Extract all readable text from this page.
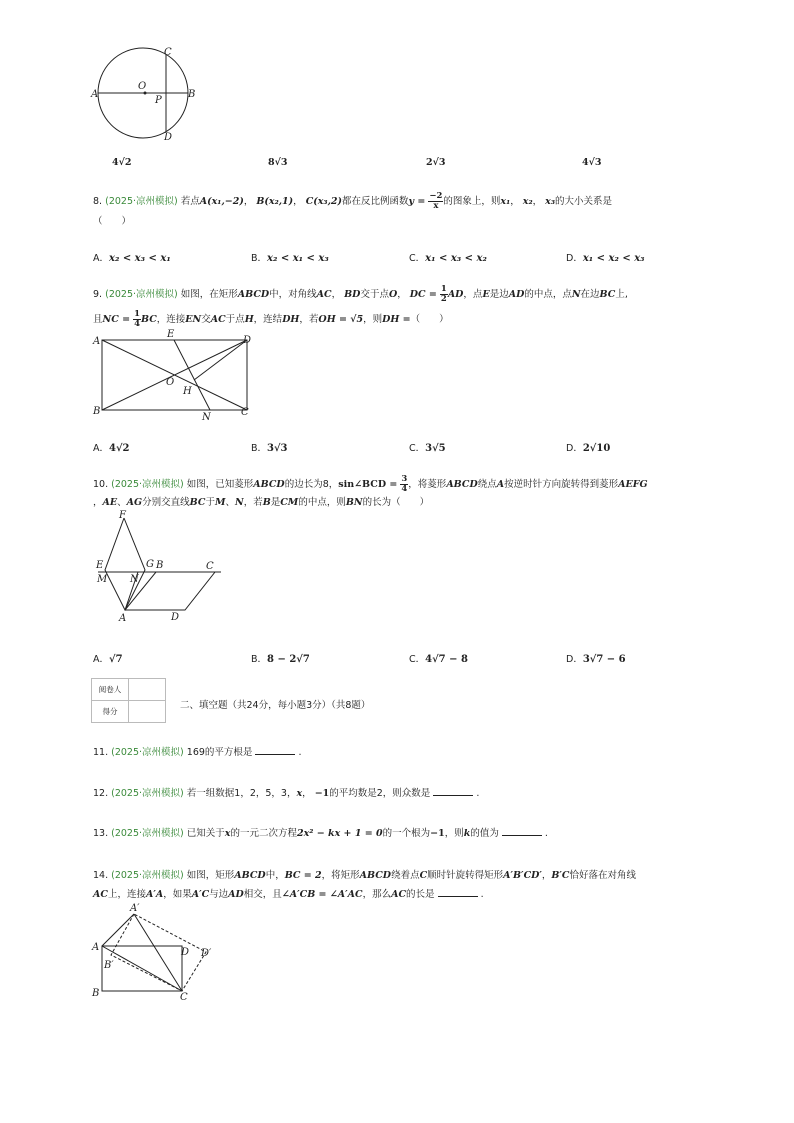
C
O
A
P
B
D
4√2	8√3	2√3	4√3
8. (2025·凉州模拟) 若点A(x₁,−2)， B(x₂,1)， C(x₃,2)都在反比例函数$y = \frac{-2}{x}$ 的图象上，则x₁， x₂， x₃的大小关系是
（　　）
A．x₂ < x₃ < x₁	B．x₂ < x₁ < x₃	C．x₁ < x₃ < x₂	D．x₁ < x₂ < x₃
9. (2025·凉州模拟) 如图，在矩形ABCD中，对角线AC， BD交于点O， DC = $\frac{1}{2}$ AD，点E是边AD的中点，点N在边BC上,
且NC = $\frac{1}{4}$ BC，连接EN交AC于点H，连结DH，若OH = √5，则DH =（　　）
A
E
D
O
H
B
N	C
A．4√2	B．3√3	C．3√5	D．2√10
10. (2025·凉州模拟) 如图，已知菱形ABCD的边长为8，sin∠BCD = $\frac{3}{4}$ ，将菱形ABCD绕点A按逆时针方向旋转得到菱形AEFG
，AE、AG分别交直线BC于M、N，若B是CM的中点，则BN的长为（　　）
F
E	G B	C
M N
A	D
A．√7	B．8 − 2√7	C．4√7 − 8	D．3√7 − 6
阅卷人	
得分	
二、填空题（共24分，每小题3分）（共8题）
11. (2025·凉州模拟) 169的平方根是	.
12. (2025·凉州模拟) 若一组数据1，2，5，3，x， −1的平均数是2，则众数是	.
13. (2025·凉州模拟) 已知关于x的一元二次方程2x² − kx + 1 = 0的一个根为−1，则k的值为	.
14. (2025·凉州模拟) 如图，矩形ABCD中，BC = 2，将矩形ABCD绕着点C顺时针旋转得矩形A′B′CD′，B′C恰好落在对角线
AC上，连接A′A，如果A′C与边AD相交，且∠A′CB = ∠A′AC，那么AC的长是	.
A′
A	D D′
B′
B	C
